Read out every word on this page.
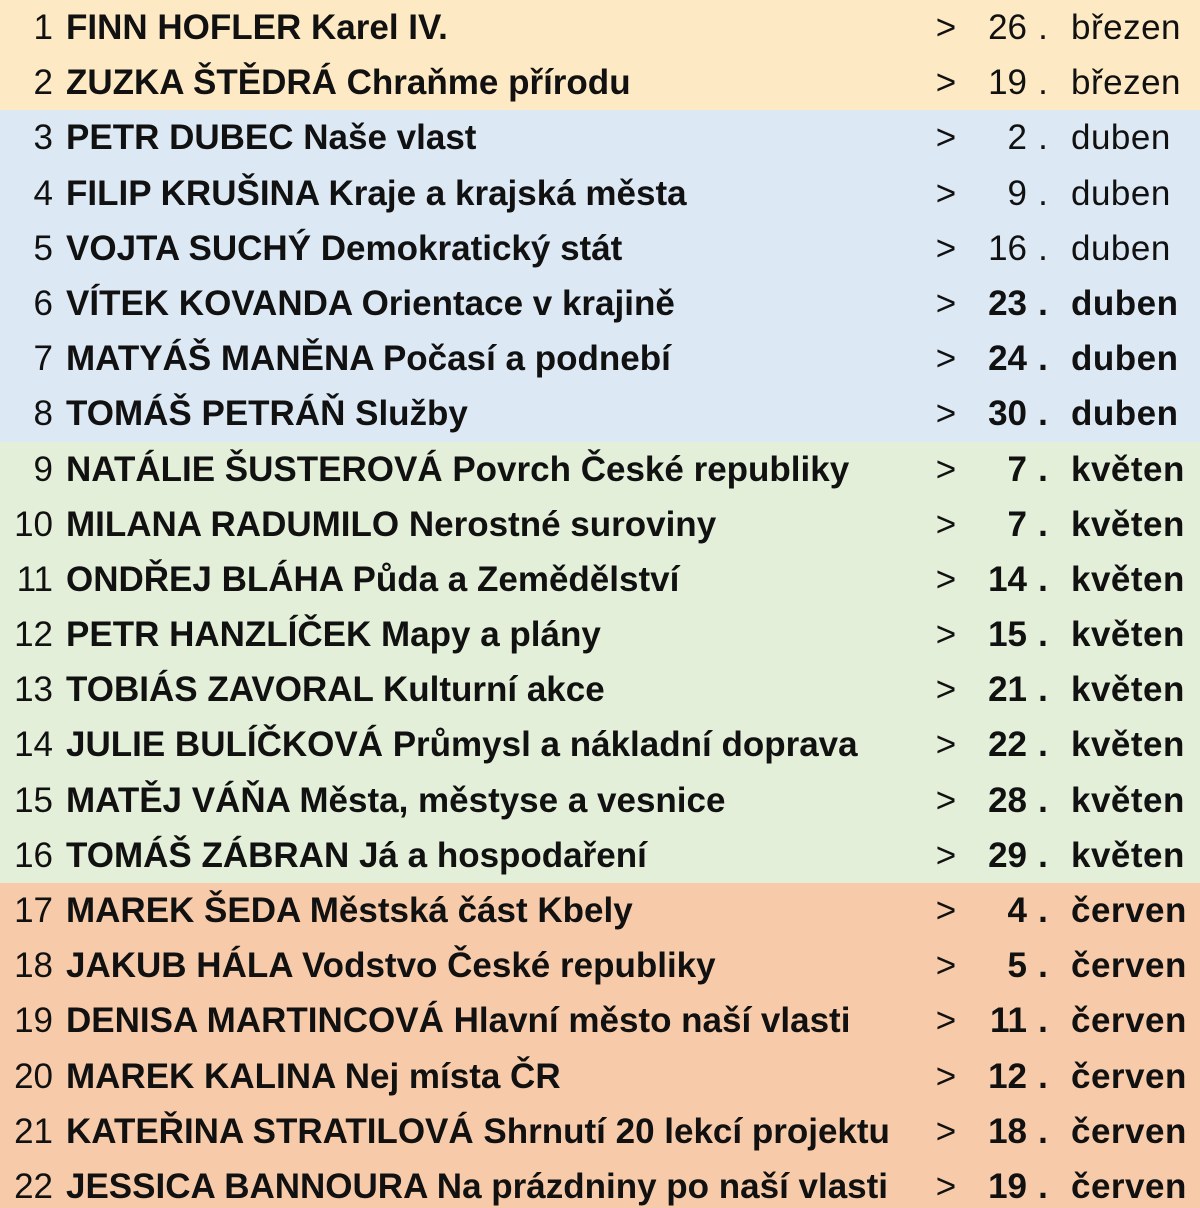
1 FINN HOFLER Karel IV.	> 26 . březen
2 ZUZKA ŠTĚDRÁ Chraňme přírodu	> 19 . březen
3 PETR DUBEC Naše vlast	>	2 . duben
4 FILIP KRUŠINA Kraje a krajská města	>	9 . duben
5 VOJTA SUCHÝ Demokratický stát	> 16 . duben
6 VÍTEK KOVANDA Orientace v krajině	> 23 . duben
7 MATYÁŠ MANĚNA Počasí a podnebí	> 24 . duben
8 TOMÁŠ PETRÁŇ Služby	> 30 . duben
9 NATÁLIE ŠUSTEROVÁ Povrch České republiky >	7 . květen
10 MILANA RADUMILO Nerostné suroviny	>	7 . květen
11 ONDŘEJ BLÁHA Půda a Zemědělství	> 14 . květen
12 PETR HANZLÍČEK Mapy a plány	> 15 . květen
13 TOBIÁS ZAVORAL Kulturní akce	> 21 . květen
14 JULIE BULÍČKOVÁ Průmysl a nákladní doprava > 22 . květen
15 MATĚJ VÁŇA Města, městyse a vesnice	> 28 . květen
16 TOMÁŠ ZÁBRAN Já a hospodaření	> 29 . květen
17 MAREK ŠEDA Městská část Kbely	>	4 . červen
18 JAKUB HÁLA Vodstvo České republiky	>	5 . červen
19 DENISA MARTINCOVÁ Hlavní město naší vlasti > 11 . červen
20 MAREK KALINA Nej místa ČR	> 12 . červen
21 KATEŘINA STRATILOVÁ Shrnutí 20 lekcí projektu > 18 . červen
22 JESSICA BANNOURA Na prázdniny po naší vlasti > 19 . červen
